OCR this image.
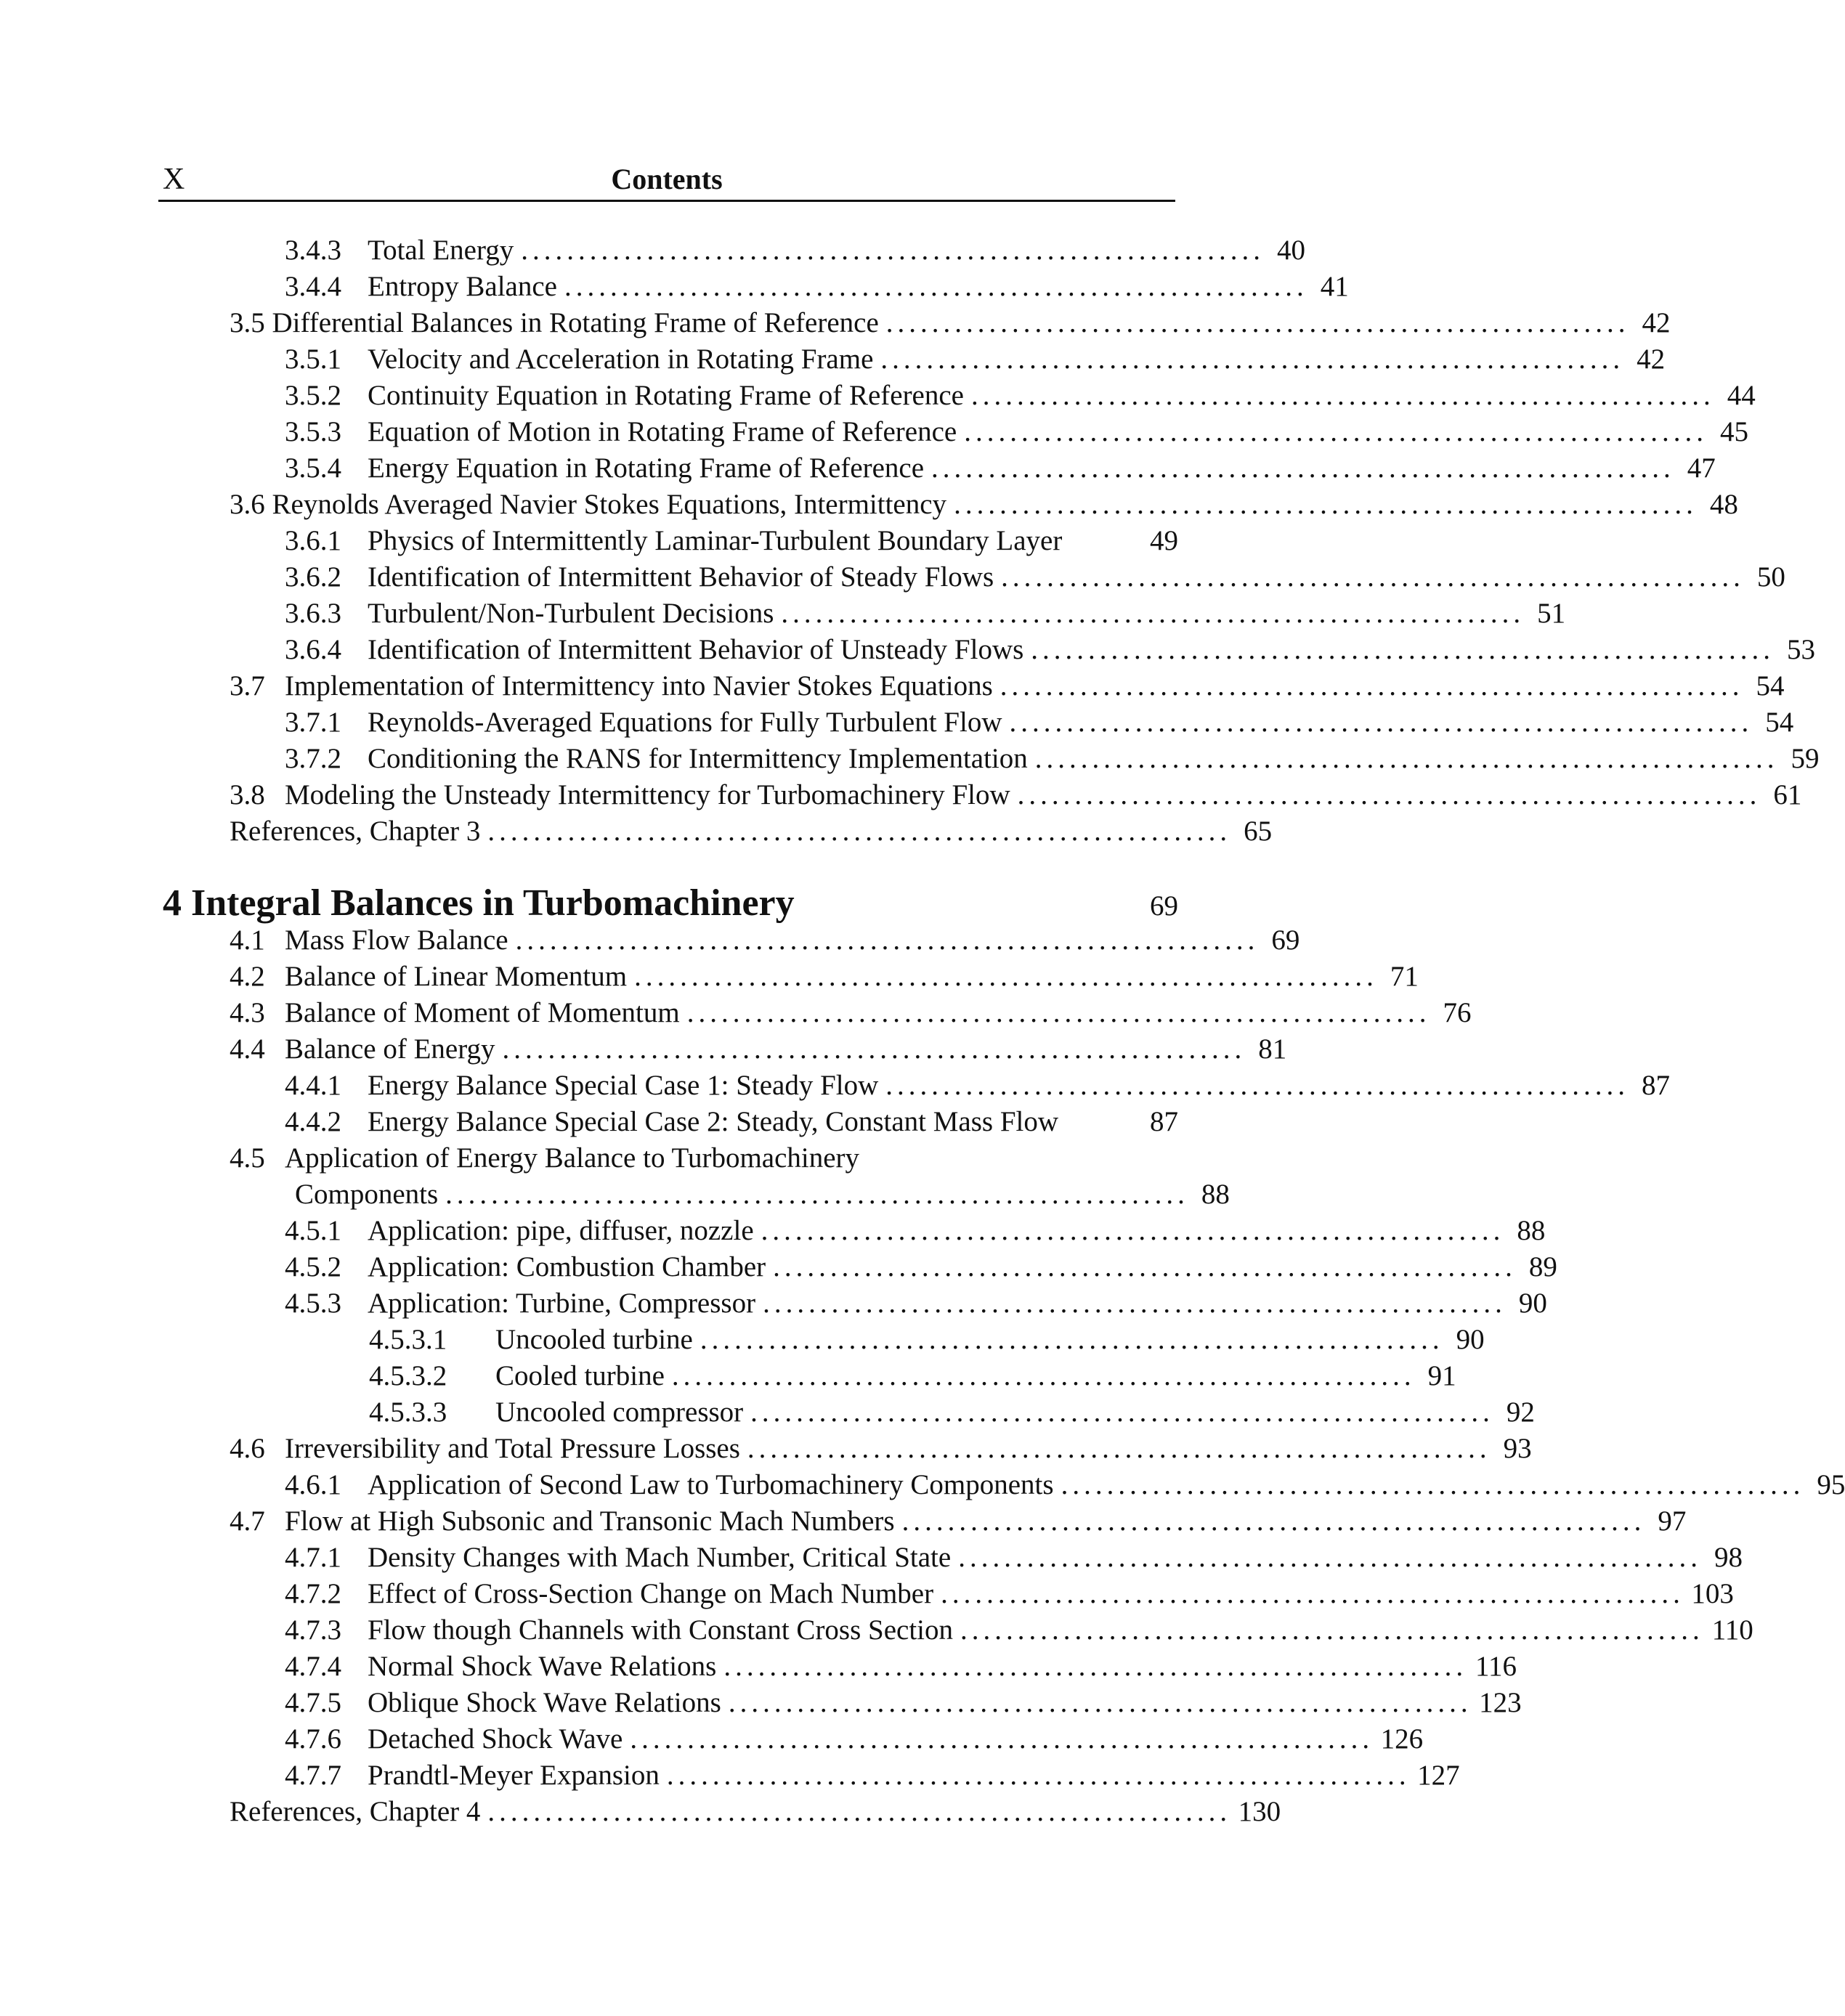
X	Contents
3.4.3 Total Energy ................................................................. 40
3.4.4 Entropy Balance ................................................................. 41
3.5 Differential Balances in Rotating Frame of Reference ................................................................. 42
3.5.1 Velocity and Acceleration in Rotating Frame ................................................................. 42
3.5.2 Continuity Equation in Rotating Frame of Reference ................................................................. 44
3.5.3 Equation of Motion in Rotating Frame of Reference ................................................................. 45
3.5.4 Energy Equation in Rotating Frame of Reference ................................................................. 47
3.6 Reynolds Averaged Navier Stokes Equations, Intermittency ................................................................. 48
3.6.1 Physics of Intermittently Laminar-Turbulent Boundary Layer	49
3.6.2 Identification of Intermittent Behavior of Steady Flows ................................................................. 50
3.6.3 Turbulent/Non-Turbulent Decisions ................................................................. 51
3.6.4 Identification of Intermittent Behavior of Unsteady Flows ................................................................. 53
3.7 Implementation of Intermittency into Navier Stokes Equations ................................................................. 54
3.7.1 Reynolds-Averaged Equations for Fully Turbulent Flow ................................................................. 54
3.7.2 Conditioning the RANS for Intermittency Implementation ................................................................. 59
3.8 Modeling the Unsteady Intermittency for Turbomachinery Flow ................................................................. 61
References, Chapter 3 ................................................................. 65
4 Integral Balances in Turbomachinery	69
4.1 Mass Flow Balance ................................................................. 69
4.2 Balance of Linear Momentum ................................................................. 71
4.3 Balance of Moment of Momentum ................................................................. 76
4.4 Balance of Energy ................................................................. 81
4.4.1 Energy Balance Special Case 1: Steady Flow ................................................................. 87
4.4.2 Energy Balance Special Case 2: Steady, Constant Mass Flow	87
4.5 Application of Energy Balance to Turbomachinery
Components ................................................................. 88
4.5.1 Application: pipe, diffuser, nozzle ................................................................. 88
4.5.2 Application: Combustion Chamber ................................................................. 89
4.5.3 Application: Turbine, Compressor ................................................................. 90
4.5.3.1	Uncooled turbine ................................................................. 90
4.5.3.2	Cooled turbine ................................................................. 91
4.5.3.3	Uncooled compressor ................................................................. 92
4.6 Irreversibility and Total Pressure Losses ................................................................. 93
4.6.1 Application of Second Law to Turbomachinery Components ................................................................. 95
4.7 Flow at High Subsonic and Transonic Mach Numbers ................................................................. 97
4.7.1 Density Changes with Mach Number, Critical State ................................................................. 98
4.7.2 Effect of Cross-Section Change on Mach Number ................................................................. 103
4.7.3 Flow though Channels with Constant Cross Section ................................................................. 110
4.7.4 Normal Shock Wave Relations ................................................................. 116
4.7.5 Oblique Shock Wave Relations ................................................................. 123
4.7.6 Detached Shock Wave ................................................................. 126
4.7.7 Prandtl-Meyer Expansion ................................................................. 127
References, Chapter 4 ................................................................. 130
